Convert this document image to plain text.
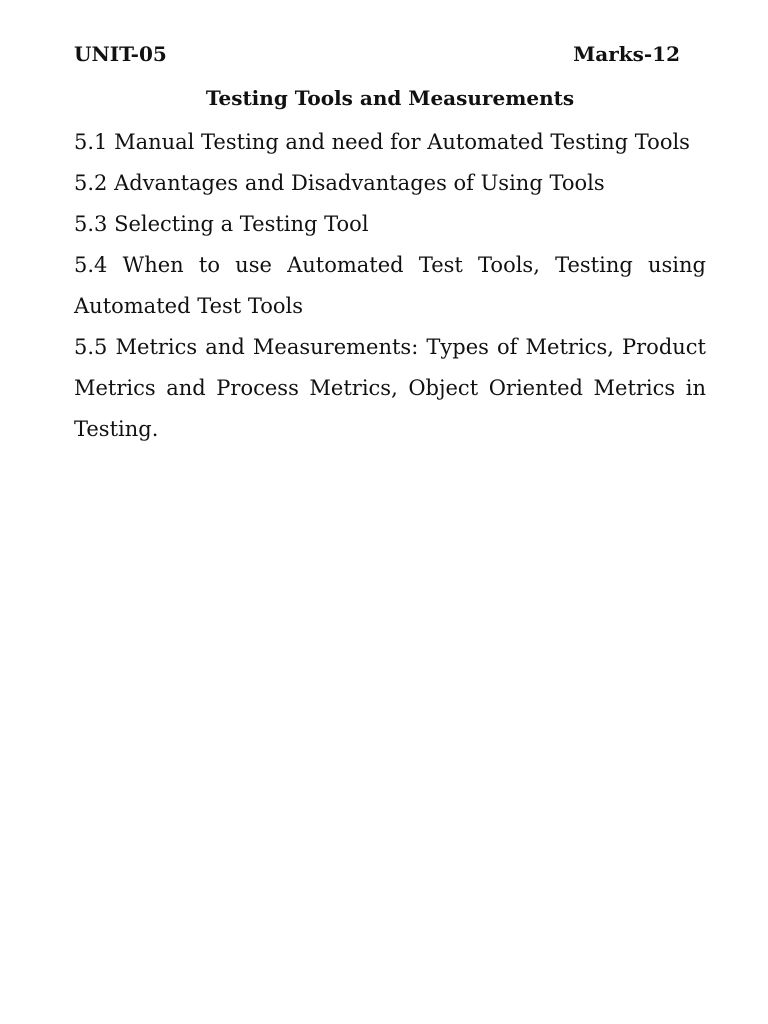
UNIT-05	Marks-12
Testing Tools and Measurements
5.1 Manual Testing and need for Automated Testing Tools
5.2 Advantages and Disadvantages of Using Tools
5.3 Selecting a Testing Tool
5.4 When to use Automated Test Tools, Testing using Automated Test Tools
5.5 Metrics and Measurements: Types of Metrics, Product Metrics and Process Metrics, Object Oriented Metrics in Testing.
